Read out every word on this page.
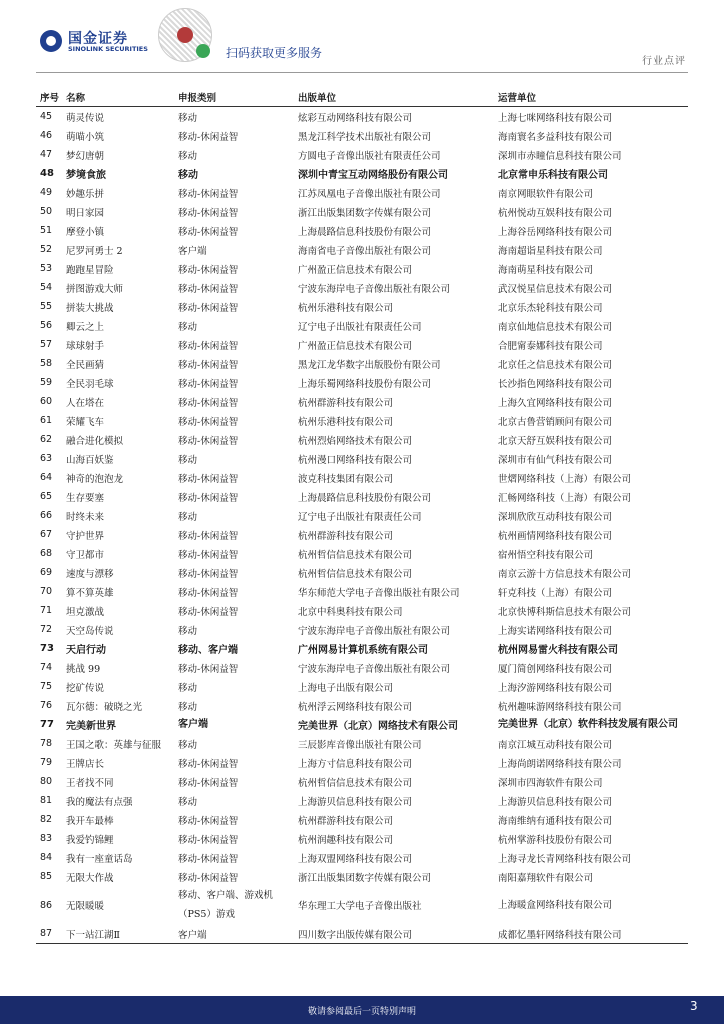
国金证券
SINOLINK SECURITIES	扫码获取更多服务
行业点评
序号	名称	申报类别	出版单位	运营单位
45	萌灵传说	移动	炫彩互动网络科技有限公司	上海七咪网络科技有限公司
46	萌喵小筑	移动-休闲益智	黑龙江科学技术出版社有限公司	海南寰名多益科技有限公司
47	梦幻唐朝	移动	方圆电子音像出版社有限责任公司	深圳市赤瞳信息科技有限公司
48	梦境食旅	移动	深圳中青宝互动网络股份有限公司	北京常申乐科技有限公司
49	妙趣乐拼	移动-休闲益智	江苏凤凰电子音像出版社有限公司	南京网眼软件有限公司
50	明日家园	移动-休闲益智	浙江出版集团数字传媒有限公司	杭州悦动互娱科技有限公司
51	摩登小镇	移动-休闲益智	上海晨路信息科技股份有限公司	上海谷岳网络科技有限公司
52	尼罗河勇士 2	客户端	海南省电子音像出版社有限公司	海南超诣星科技有限公司
53	跑跑星冒险	移动-休闲益智	广州盈正信息技术有限公司	海南萌星科技有限公司
54	拼图游戏大师	移动-休闲益智	宁波东海岸电子音像出版社有限公司	武汉悦星信息技术有限公司
55	拼装大挑战	移动-休闲益智	杭州乐港科技有限公司	北京乐杰轮科技有限公司
56	卿云之上	移动	辽宁电子出版社有限责任公司	南京仙地信息技术有限公司
57	球球射手	移动-休闲益智	广州盈正信息技术有限公司	合肥甯泰娜科技有限公司
58	全民画猜	移动-休闲益智	黑龙江龙华数字出版股份有限公司	北京任之信息技术有限公司
59	全民羽毛球	移动-休闲益智	上海乐蜀网络科技股份有限公司	长沙指色网络科技有限公司
60	人在塔在	移动-休闲益智	杭州群游科技有限公司	上海久宜网络科技有限公司
61	荣耀飞车	移动-休闲益智	杭州乐港科技有限公司	北京古鲁营销顾问有限公司
62	融合进化模拟	移动-休闲益智	杭州烈焰网络技术有限公司	北京天舒互娱科技有限公司
63	山海百妖鉴	移动	杭州漫口网络科技有限公司	深圳市有仙气科技有限公司
64	神奇的泡泡龙	移动-休闲益智	波克科技集团有限公司	世熠网络科技（上海）有限公司
65	生存要塞	移动-休闲益智	上海晨路信息科技股份有限公司	汇畅网络科技（上海）有限公司
66	时终未来	移动	辽宁电子出版社有限责任公司	深圳欣欣互动科技有限公司
67	守护世界	移动-休闲益智	杭州群游科技有限公司	杭州画情网络科技有限公司
68	守卫都市	移动-休闲益智	杭州哲信信息技术有限公司	宿州悟空科技有限公司
69	速度与漂移	移动-休闲益智	杭州哲信信息技术有限公司	南京云游十方信息技术有限公司
70	算不算英雄	移动-休闲益智	华东师范大学电子音像出版社有限公司	轩克科技（上海）有限公司
71	坦克激战	移动-休闲益智	北京中科奥科技有限公司	北京快博科斯信息技术有限公司
72	天空岛传说	移动	宁波东海岸电子音像出版社有限公司	上海实诺网络科技有限公司
73	天启行动	移动、客户端	广州网易计算机系统有限公司	杭州网易雷火科技有限公司
74	挑战 99	移动-休闲益智	宁波东海岸电子音像出版社有限公司	厦门简创网络科技有限公司
75	挖矿传说	移动	上海电子出版有限公司	上海汐游网络科技有限公司
76	瓦尔德：破晓之光	移动	杭州浮云网络科技有限公司	杭州趣味游网络科技有限公司
77	完美新世界	客户端	完美世界（北京）网络技术有限公司	完美世界（北京）软件科技发展有限公司
78	王国之歌：英雄与征服	移动	三辰影库音像出版社有限公司	南京江城互动科技有限公司
79	王牌店长	移动-休闲益智	上海方寸信息科技有限公司	上海尚朗诺网络科技有限公司
80	王者找不同	移动-休闲益智	杭州哲信信息技术有限公司	深圳市四海软件有限公司
81	我的魔法有点强	移动	上海游贝信息科技有限公司	上海游贝信息科技有限公司
82	我开车最棒	移动-休闲益智	杭州群游科技有限公司	海南维纳有通科技有限公司
83	我爱钓锦鲤	移动-休闲益智	杭州润趣科技有限公司	杭州掌游科技股份有限公司
84	我有一座童话岛	移动-休闲益智	上海双盟网络科技有限公司	上海寻龙长青网络科技有限公司
85	无限大作战	移动-休闲益智	浙江出版集团数字传媒有限公司	南阳嘉翔软件有限公司
86	无限暖暖	移动、客户端、游戏机（PS5）游戏	华东理工大学电子音像出版社	上海暖盒网络科技有限公司
87	下一站江湖Ⅱ	客户端	四川数字出版传媒有限公司	成都忆墨轩网络科技有限公司
敬请参阅最后一页特别声明	3
